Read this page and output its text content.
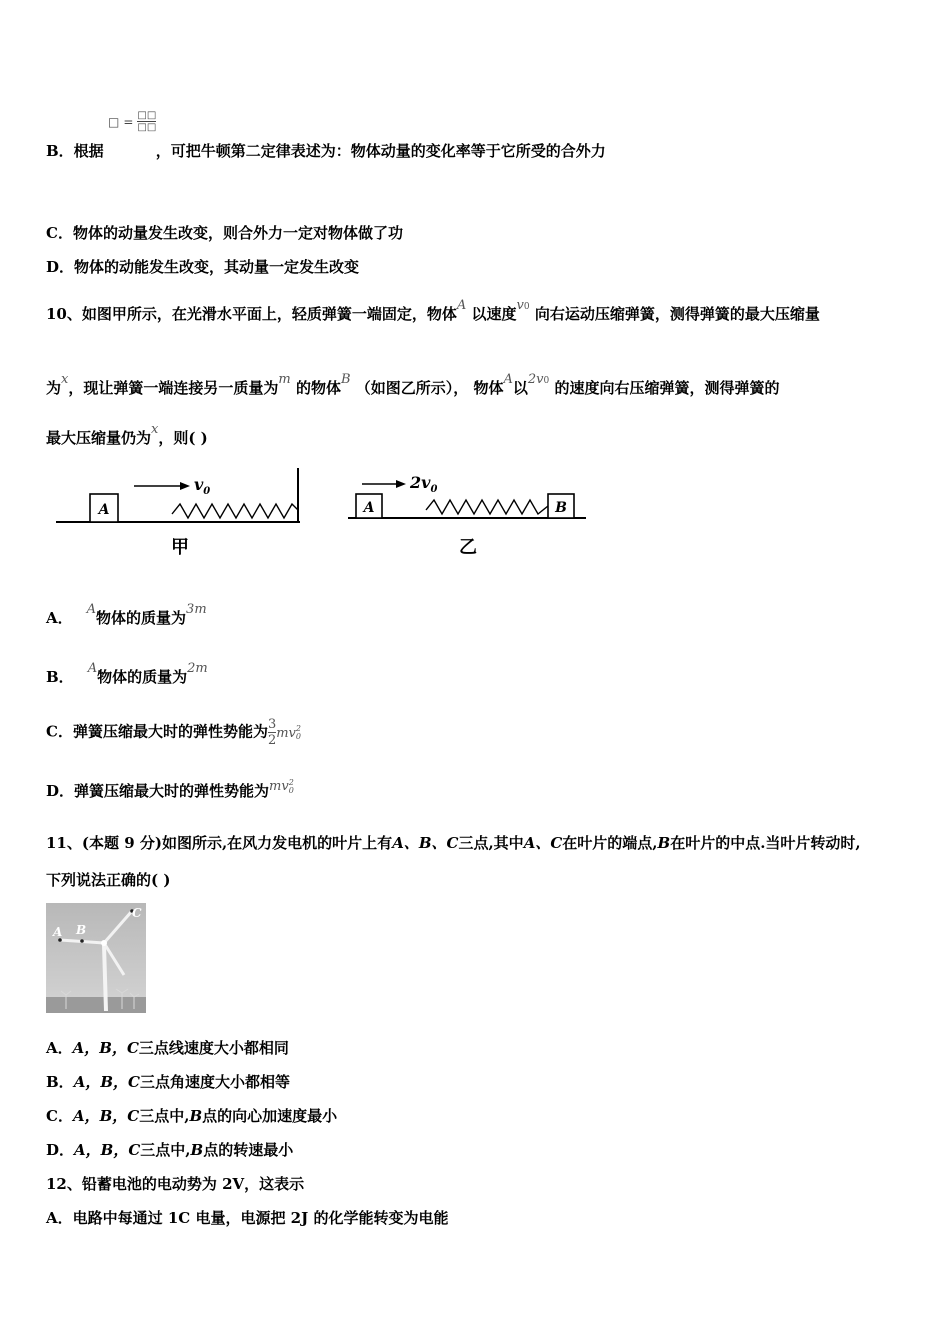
□ = $\frac{□□}{□□}$
B．根据	，可把牛顿第二定律表述为：物体动量的变化率等于它所受的合外力
C．物体的动量发生改变，则合外力一定对物体做了功
D．物体的动能发生改变，其动量一定发生改变
10、如图甲所示，在光滑水平面上，轻质弹簧一端固定，物体A 以速度v0 向右运动压缩弹簧，测得弹簧的最大压缩量
为x，现让弹簧一端连接另一质量为m 的物体B （如图乙所示）， 物体A以2v0 的速度向右压缩弹簧，测得弹簧的
最大压缩量仍为x，则( )
A
$v_0$
甲
A	B
$2v_0$
乙
A． A物体的质量为3m
B． A物体的质量为2m
C．弹簧压缩最大时的弹性势能为 $\frac{3}{2}$ mv 2
0
D．弹簧压缩最大时的弹性势能为mv 2
0
11、(本题 9 分)如图所示,在风力发电机的叶片上有A、B、C三点,其中A、C在叶片的端点,B在叶片的中点.当叶片转动时,
下列说法正确的( )
A B
C
A．A，B，C三点线速度大小都相同
B．A，B，C三点角速度大小都相等
C．A，B，C三点中,B点的向心加速度最小
D．A，B，C三点中,B点的转速最小
12、铅蓄电池的电动势为 2V，这表示
A．电路中每通过 1C 电量，电源把 2J 的化学能转变为电能
